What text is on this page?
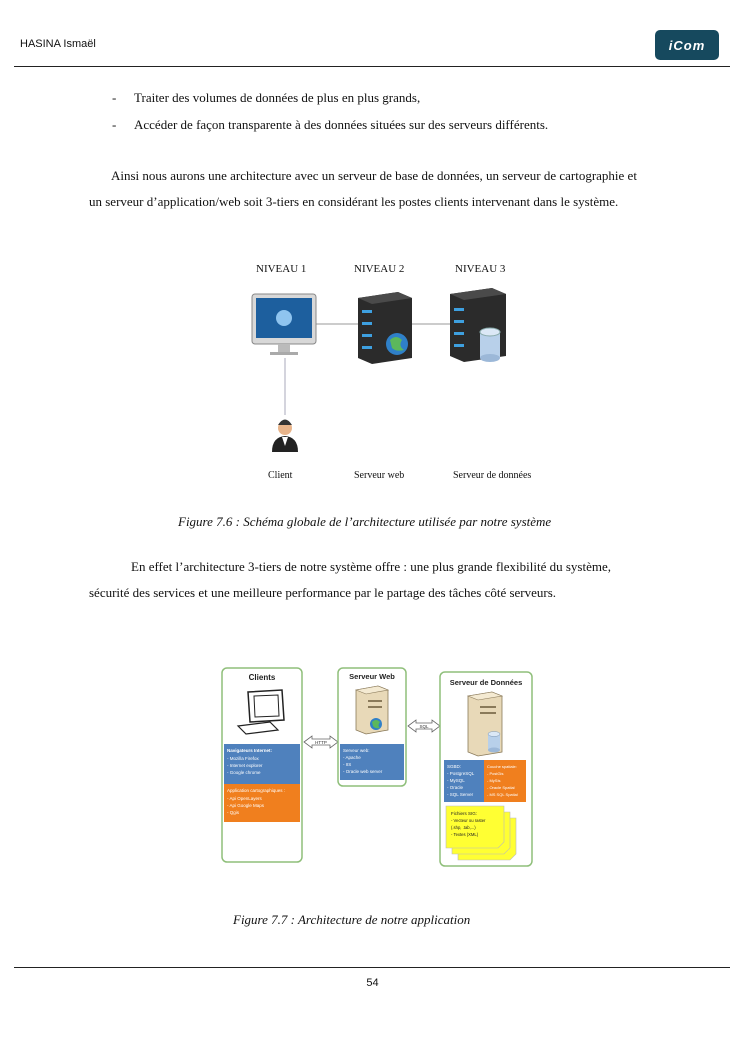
HASINA Ismaël	iCom
- Traiter des volumes de données de plus en plus grands,
- Accéder de façon transparente à des données situées sur des serveurs différents.
Ainsi nous aurons une architecture avec un serveur de base de données, un serveur de cartographie et un serveur d’application/web soit 3-tiers en considérant les postes clients intervenant dans le système.
NIVEAU 1	NIVEAU 2	NIVEAU 3
Client	Serveur web	Serveur de données
Figure 7.6 : Schéma globale de l’architecture utilisée par notre système
En effet l’architecture 3-tiers de notre système offre : une plus grande flexibilité du système, sécurité des services et une meilleure performance par le partage des tâches côté serveurs.
Clients
Navigateurs Internet:
- Mozilla Firefox
- Internet explorer
- Google chrome
Application cartographiques :
- Api OpenLayers
- Api Google Maps
- Qgis
HTTP
Serveur Web
Serveur web:
- Apache
- IIS
- Oracle web server
SQL
Serveur de Données
SGBD:
- PostgreSQL
- MySQL
- Oracle
- SQL Server
Couche spatiale:
- PostGis
- MySIs
- Oracle Spatial
- MS SQL Spatial
Fichiers SIG:
- Vecteur ou raster
(.shp, .tab,...)
- Textes (XML)
Figure 7.7 : Architecture de notre application
54
